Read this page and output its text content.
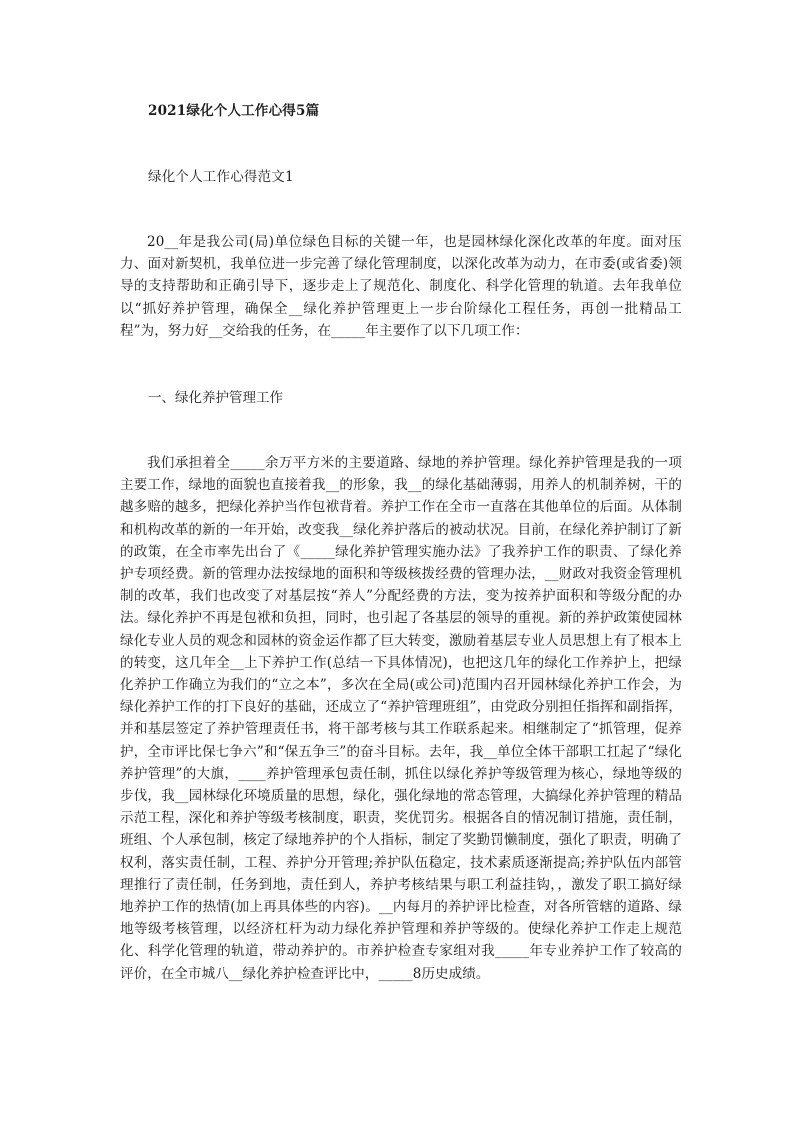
2021绿化个人工作心得5篇
绿化个人工作心得范文1

20__年是我公司(局)单位绿色目标的关键一年，也是园林绿化深化改革的年度。面对压力、面对新契机，我单位进一步完善了绿化管理制度，以深化改革为动力，在市委(或省委)领导的支持帮助和正确引导下，逐步走上了规范化、制度化、科学化管理的轨道。去年我单位以“抓好养护管理，确保全__绿化养护管理更上一步台阶绿化工程任务，再创一批精品工程”为，努力好__交给我的任务，在_____年主要作了以下几项工作：

一、绿化养护管理工作

我们承担着全_____余万平方米的主要道路、绿地的养护管理。绿化养护管理是我的一项主要工作，绿地的面貌也直接着我__的形象，我__的绿化基础薄弱，用养人的机制养树，干的越多赔的越多，把绿化养护当作包袱背着。养护工作在全市一直落在其他单位的后面。从体制和机构改革的新的一年开始，改变我__绿化养护落后的被动状况。目前，在绿化养护制订了新的政策，在全市率先出台了《_____绿化养护管理实施办法》了我养护工作的职责、了绿化养护专项经费。新的管理办法按绿地的面积和等级核拨经费的管理办法，__财政对我资金管理机制的改革，我们也改变了对基层按“养人”分配经费的方法，变为按养护面积和等级分配的办法。绿化养护不再是包袱和负担，同时，也引起了各基层的领导的重视。新的养护政策使园林绿化专业人员的观念和园林的资金运作都了巨大转变，激励着基层专业人员思想上有了根本上的转变，这几年全__上下养护工作(总结一下具体情况)，也把这几年的绿化工作养护上，把绿化养护工作确立为我们的“立之本”，多次在全局(或公司)范围内召开园林绿化养护工作会，为绿化养护工作的打下良好的基础，还成立了“养护管理班组”，由党政分别担任指挥和副指挥，并和基层签定了养护管理责任书，将干部考核与其工作联系起来。相继制定了“抓管理，促养护，全市评比保七争六”和“保五争三”的奋斗目标。去年，我__单位全体干部职工扛起了“绿化养护管理”的大旗，____养护管理承包责任制，抓住以绿化养护等级管理为核心，绿地等级的步伐，我__园林绿化环境质量的思想，绿化，强化绿地的常态管理，大搞绿化养护管理的精品示范工程，深化和养护等级考核制度，职责，奖优罚劣。根据各自的情况制订措施，责任制，班组、个人承包制，核定了绿地养护的个人指标，制定了奖勤罚懒制度，强化了职责，明确了权利，落实责任制，工程、养护分开管理;养护队伍稳定，技术素质逐渐提高;养护队伍内部管理推行了责任制，任务到地，责任到人，养护考核结果与职工利益挂钩，，激发了职工搞好绿地养护工作的热情(加上再具体些的内容)。__内每月的养护评比检查，对各所管辖的道路、绿地等级考核管理，以经济杠杆为动力绿化养护管理和养护等级的。使绿化养护工作走上规范化、科学化管理的轨道，带动养护的。市养护检查专家组对我_____年专业养护工作了较高的评价，在全市城八__绿化养护检查评比中，_____8历史成绩。
